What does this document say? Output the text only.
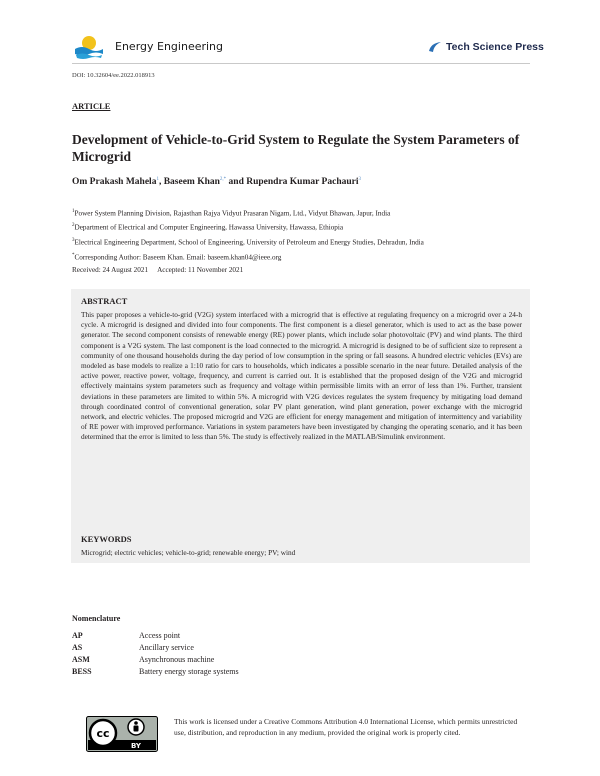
Energy Engineering	Tech Science Press
DOI: 10.32604/ee.2022.018913
ARTICLE
Development of Vehicle-to-Grid System to Regulate the System Parameters of Microgrid
Om Prakash Mahela$^1$, Baseem Khan$^{2,*}$ and Rupendra Kumar Pachauri$^3$
$^1$Power System Planning Division, Rajasthan Rajya Vidyut Prasaran Nigam, Ltd., Vidyut Bhawan, Japur, India
$^2$Department of Electrical and Computer Engineering, Hawassa University, Hawassa, Ethiopia
$^3$Electrical Engineering Department, School of Engineering, University of Petroleum and Energy Studies, Dehradun, India
*Corresponding Author: Baseem Khan. Email: baseem.khan04@ieee.org
Received: 24 August 2021 Accepted: 11 November 2021
ABSTRACT
This paper proposes a vehicle-to-grid (V2G) system interfaced with a microgrid that is effective at regulating frequency on a microgrid over a 24-h cycle. A microgrid is designed and divided into four components. The first component is a diesel generator, which is used to act as the base power generator. The second component consists of renewable energy (RE) power plants, which include solar photovoltaic (PV) and wind plants. The third component is a V2G system. The last component is the load connected to the microgrid. A microgrid is designed to be of sufficient size to represent a community of one thousand households during the day period of low consumption in the spring or fall seasons. A hundred electric vehicles (EVs) are modeled as base models to realize a 1:10 ratio for cars to households, which indicates a possible scenario in the near future. Detailed analysis of the active power, reactive power, voltage, frequency, and current is carried out. It is established that the proposed design of the V2G and microgrid effectively maintains system parameters such as frequency and voltage within permissible limits with an error of less than 1%. Further, transient deviations in these parameters are limited to within 5%. A microgrid with V2G devices regulates the system frequency by mitigating load demand through coordinated control of conventional generation, solar PV plant generation, wind plant generation, power exchange with the microgrid network, and electric vehicles. The proposed microgrid and V2G are efficient for energy management and mitigation of intermittency and variability of RE power with improved performance. Variations in system parameters have been investigated by changing the operating scenario, and it has been determined that the error is limited to less than 5%. The study is effectively realized in the MATLAB/Simulink environment.
KEYWORDS
Microgrid; electric vehicles; vehicle-to-grid; renewable energy; PV; wind
Nomenclature
AP	Access point
AS	Ancillary service
ASM	Asynchronous machine
BESS	Battery energy storage systems
cc
BY
This work is licensed under a Creative Commons Attribution 4.0 International License, which permits unrestricted use, distribution, and reproduction in any medium, provided the original work is properly cited.
